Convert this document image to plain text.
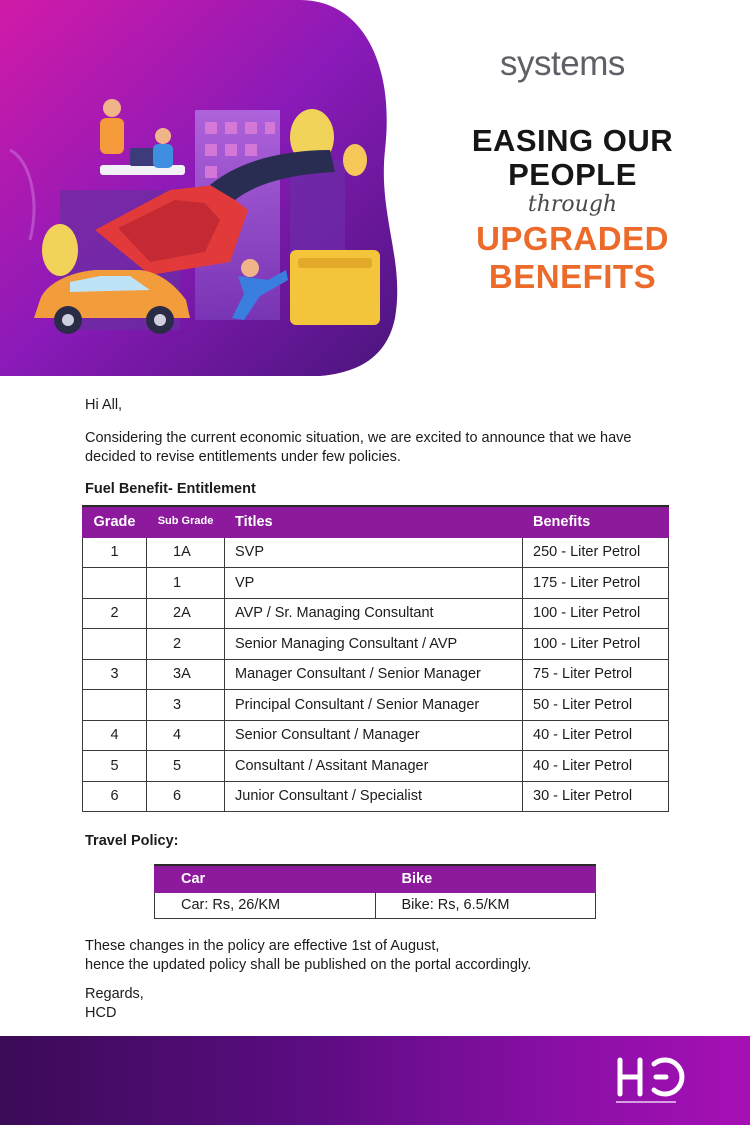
systems
EASING OUR
PEOPLE
through
UPGRADED
BENEFITS
Hi All,
Considering the current economic situation, we are excited to announce that we have decided to revise entitlements under few policies.
Fuel Benefit- Entitlement
Grade	Sub Grade	Titles	Benefits
1	1A	SVP	250 - Liter Petrol
	1	VP	175 - Liter Petrol
2	2A	AVP / Sr. Managing Consultant	100 - Liter Petrol
	2	Senior Managing Consultant / AVP	100 - Liter Petrol
3	3A	Manager Consultant / Senior Manager	75 - Liter Petrol
	3	Principal Consultant / Senior Manager	50 - Liter Petrol
4	4	Senior Consultant / Manager	40 - Liter Petrol
5	5	Consultant / Assitant Manager	40 - Liter Petrol
6	6	Junior Consultant / Specialist	30 - Liter Petrol
Travel Policy:
Car	Bike
Car: Rs, 26/KM	Bike: Rs, 6.5/KM
These changes in the policy are effective 1st of August,
hence the updated policy shall be published on the portal accordingly.
Regards,
HCD
